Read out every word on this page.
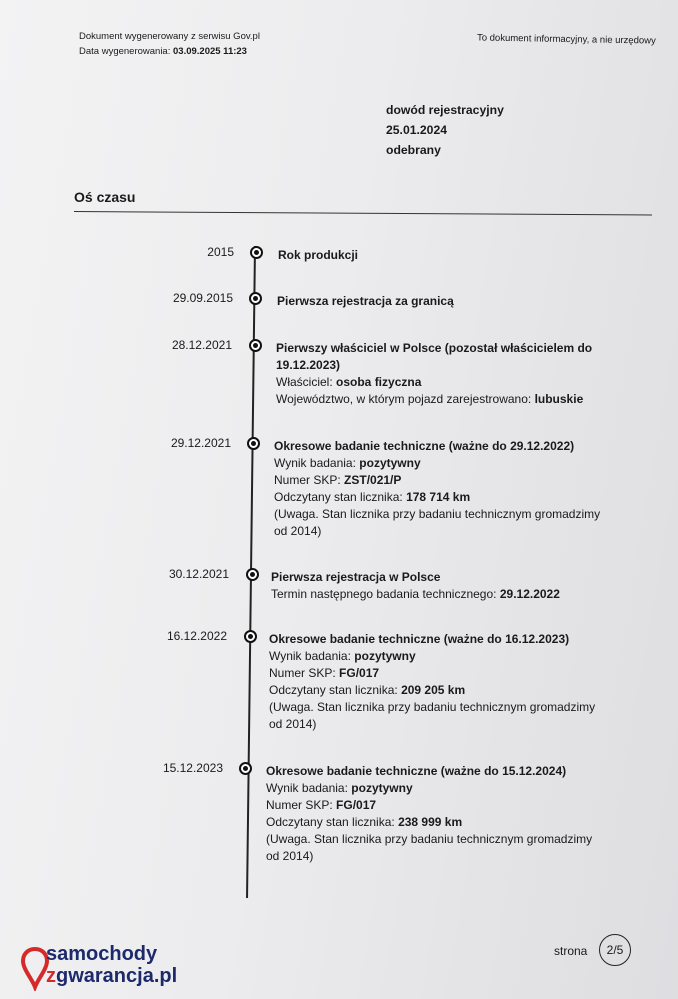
Dokument wygenerowany z serwisu Gov.pl
Data wygenerowania: 03.09.2025 11:23
To dokument informacyjny, a nie urzędowy
dowód rejestracyjny
25.01.2024
odebrany
Oś czasu
2015	Rok produkcji
29.09.2015	Pierwsza rejestracja za granicą
28.12.2021	Pierwszy właściciel w Polsce (pozostał właścicielem do 19.12.2023)
Właściciel: osoba fizyczna
Województwo, w którym pojazd zarejestrowano: lubuskie
29.12.2021	Okresowe badanie techniczne (ważne do 29.12.2022)
Wynik badania: pozytywny
Numer SKP: ZST/021/P
Odczytany stan licznika: 178 714 km
(Uwaga. Stan licznika przy badaniu technicznym gromadzimy od 2014)
30.12.2021	Pierwsza rejestracja w Polsce
Termin następnego badania technicznego: 29.12.2022
16.12.2022	Okresowe badanie techniczne (ważne do 16.12.2023)
Wynik badania: pozytywny
Numer SKP: FG/017
Odczytany stan licznika: 209 205 km
(Uwaga. Stan licznika przy badaniu technicznym gromadzimy od 2014)
15.12.2023	Okresowe badanie techniczne (ważne do 15.12.2024)
Wynik badania: pozytywny
Numer SKP: FG/017
Odczytany stan licznika: 238 999 km
(Uwaga. Stan licznika przy badaniu technicznym gromadzimy od 2014)
samochody
zgwarancja.pl
strona	2/5
